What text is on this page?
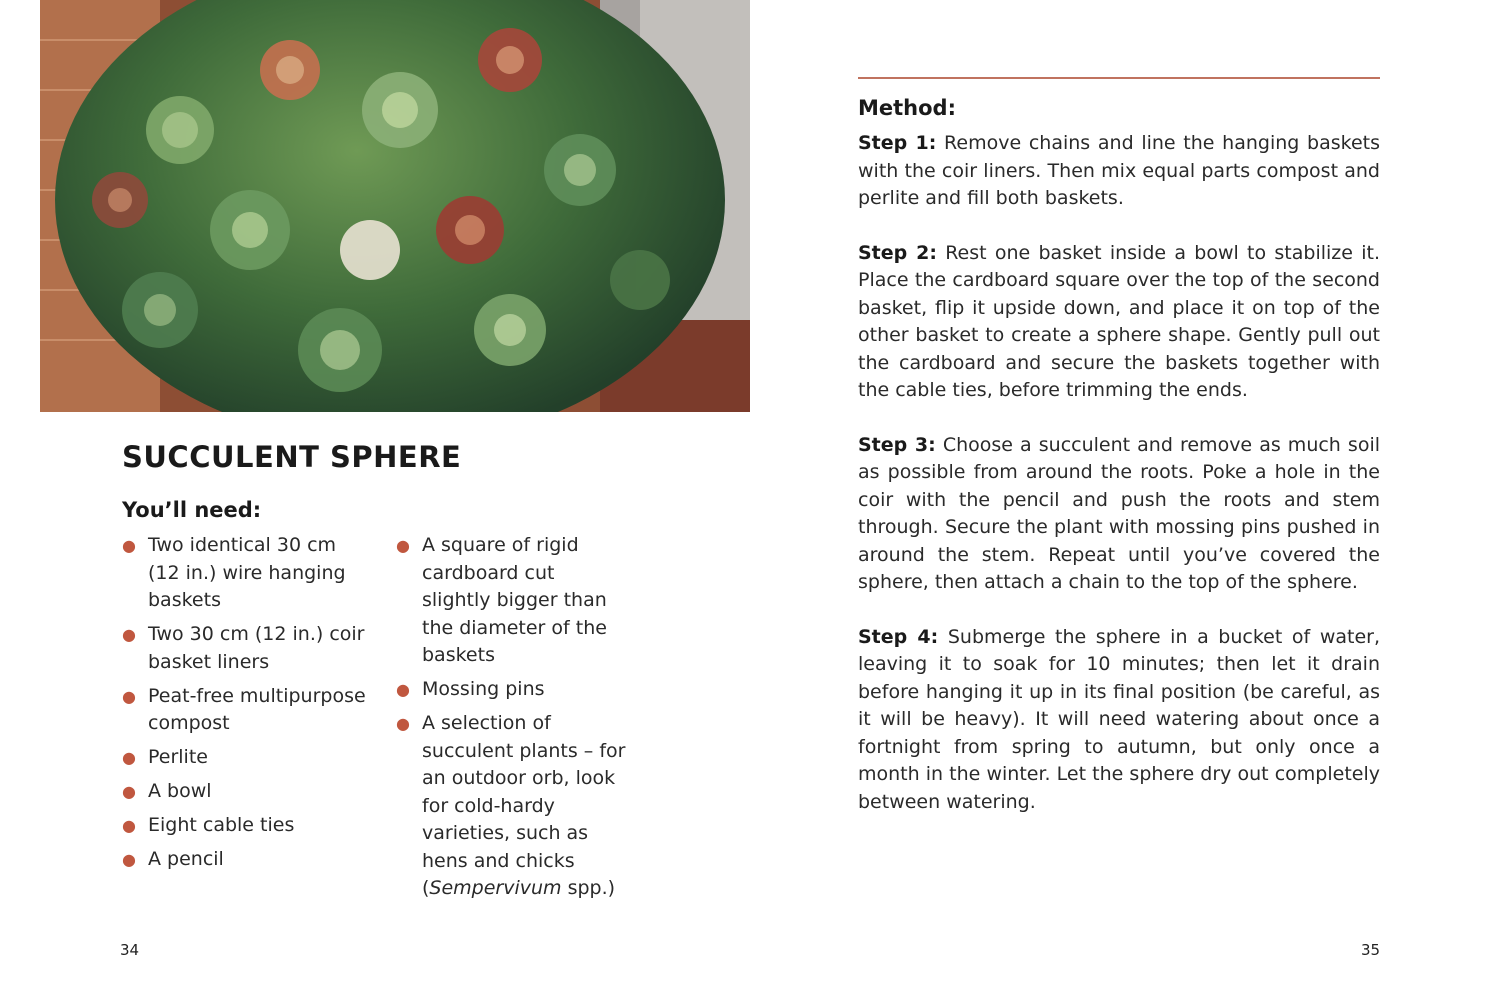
SUCCULENT SPHERE
You’ll need:
● Two identical 30 cm (12 in.) wire hanging baskets
● Two 30 cm (12 in.) coir basket liners
● Peat-free multipurpose compost
● Perlite
● A bowl
● Eight cable ties
● A pencil
● A square of rigid cardboard cut slightly bigger than the diameter of the baskets
● Mossing pins
● A selection of succulent plants – for an outdoor orb, look for cold-hardy varieties, such as hens and chicks (Sempervivum spp.)
34
Method:

Step 1: Remove chains and line the hanging baskets with the coir liners. Then mix equal parts compost and perlite and fill both baskets.

Step 2: Rest one basket inside a bowl to stabilize it. Place the cardboard square over the top of the second basket, flip it upside down, and place it on top of the other basket to create a sphere shape. Gently pull out the cardboard and secure the baskets together with the cable ties, before trimming the ends.

Step 3: Choose a succulent and remove as much soil as possible from around the roots. Poke a hole in the coir with the pencil and push the roots and stem through. Secure the plant with mossing pins pushed in around the stem. Repeat until you’ve covered the sphere, then attach a chain to the top of the sphere.

Step 4: Submerge the sphere in a bucket of water, leaving it to soak for 10 minutes; then let it drain before hanging it up in its final position (be careful, as it will be heavy). It will need watering about once a fortnight from spring to autumn, but only once a month in the winter. Let the sphere dry out completely between watering.

35
